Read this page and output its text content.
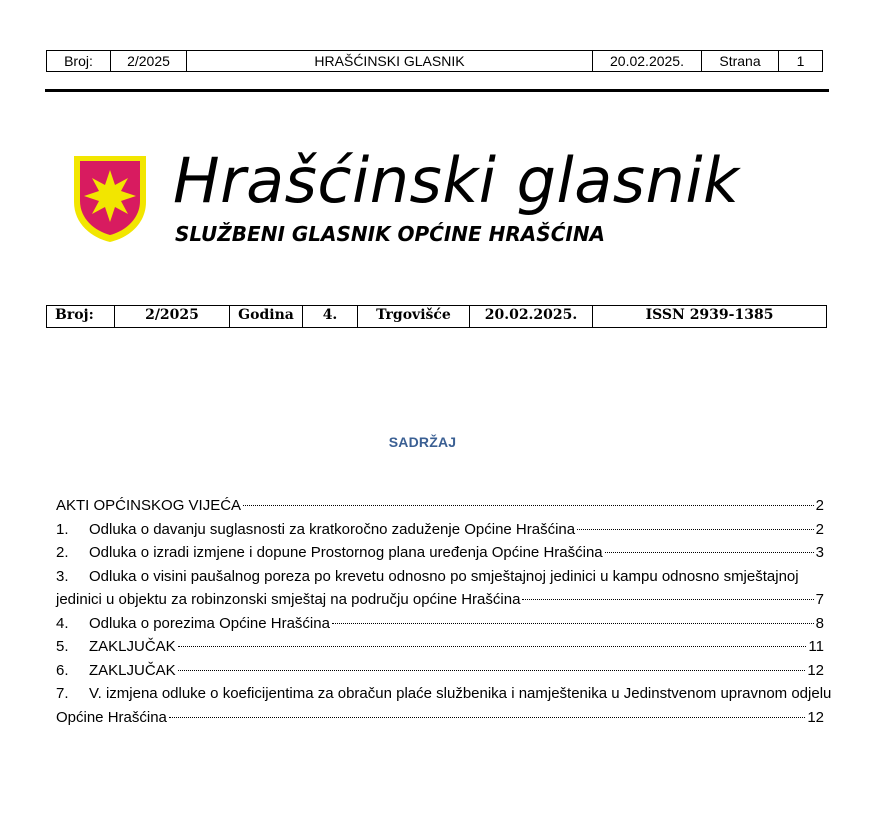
Broj:	2/2025	HRAŠĆINSKI GLASNIK	20.02.2025.	Strana	1
Hrašćinski glasnik
SLUŽBENI GLASNIK OPĆINE HRAŠĆINA
Broj:	2/2025	Godina	4.	Trgovišće	20.02.2025.	ISSN 2939-1385
SADRŽAJ
AKTI OPĆINSKOG VIJEĆA	2
1.	Odluka o davanju suglasnosti za kratkoročno zaduženje Općine Hrašćina	2
2.	Odluka o izradi izmjene i dopune Prostornog plana uređenja Općine Hrašćina	3
3.	Odluka o visini paušalnog poreza po krevetu odnosno po smještajnoj jedinici u kampu odnosno smještajnoj
jedinici u objektu za robinzonski smještaj na području općine Hrašćina	7
4.	Odluka o porezima Općine Hrašćina	8
5.	ZAKLJUČAK	11
6.	ZAKLJUČAK	12
7.	V. izmjena odluke o koeficijentima za obračun plaće službenika i namještenika u Jedinstvenom upravnom odjelu
Općine Hrašćina	12
